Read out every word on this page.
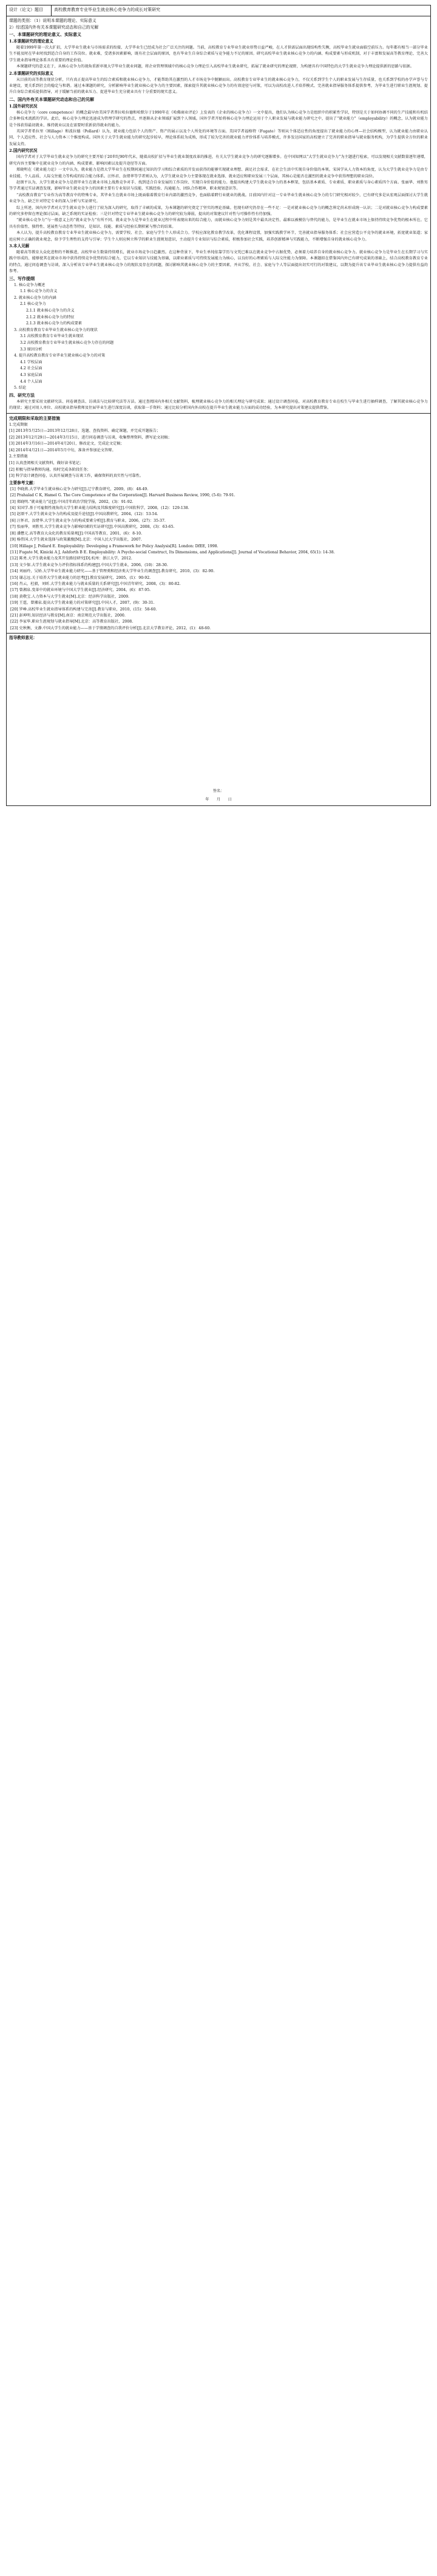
设计（论文）题目	高校教育教育专业毕业生就业核心竞争力的成长对策研究

课题的类别：（1）说明本课题的理论、实际意义
2）综述国内外有关本课题研究动态和自己的见解
一、本课题研究的理论意义、实际意义
1.本课题研究的理论意义

随着1999年第一次大扩招，大学毕业生就业与市场需求的衔接、大学毕业生已经成为社会广泛关注的问题。当前，高校教育专业毕业生就业形势日益严峻，在人才供需层面出现结构性失衡，高校毕业生就业面临空前压力。每年都有相当一部分毕业生不能及时在毕业时找到适合自身的工作岗位。就业难，受诸多因素影响，既有社会层面的原因，也有毕业生自身综合素质与竞争能力不足的原因。研究高校毕业生就业核心竞争力的内涵、构成要素与形成机制，对于丰富和发展高等教育理论、完善大学生就业指导理论体系具有重要的理论价值。

本课题研究的意义在于，从核心竞争力的视角重新审视大学毕业生就业问题，将企业管理领域中的核心竞争力理论引入高校毕业生就业研究，拓展了就业研究的理论视野，为构建具有中国特色的大学生就业竞争力理论提供新的思路与依据。

2.本课题研究的实际意义

从目前的高等教育现状分析，只有真正提高毕业生的综合素质和就业核心竞争力，才能帮助其在激烈的人才市场竞争中脱颖而出。高校教育专业毕业生的就业核心竞争力，不仅关系到学生个人的职业发展与生存质量，也关系到学校的办学声誉与专业建设，更关系到社会的稳定与和谐。通过本课题的研究，分析影响毕业生就业核心竞争力的主要因素，探索提升其就业核心竞争力的有效途径与对策，可以为高校改进人才培养模式、完善就业指导服务体系提供参考，为毕业生进行职业生涯规划、提升自身综合素质提供指导，对于缓解当前的就业压力、促进毕业生充分就业具有十分重要的现实意义。

二、国内外有关本课题研究动态和自己的见解
1.国外研究状况

核心竞争力（core competence）的概念最早由美国学者普拉哈拉德和哈默尔于1990年在《哈佛商业评论》上发表的《企业的核心竞争力》一文中提出，他们认为核心竞争力是组织中的积累性学识，特别是关于如何协调不同的生产技能和有机结合多种技术流派的学识。此后，核心竞争力理论迅速成为管理学研究的热点，并逐渐从企业领域扩展到个人领域。国外学者开始将核心竞争力理论运用于个人职业发展与就业能力研究之中，提出了“就业能力”（employability）的概念，认为就业能力是个体获得最初就业、维持就业以及在需要时重新获得就业的能力。

英国学者希拉里（Hillage）和波拉德（Pollard）认为，就业能力包括个人的资产、资产的展示以及个人所处的环境等方面。美国学者福格特（Fugate）等则从个体适应性的角度提出了就业能力的心理—社会结构模型，认为就业能力由职业认同、个人适应性、社会与人力资本三个维度构成。国外关于大学生就业能力的研究起步较早，理论体系较为成熟，形成了较为完善的就业能力评价体系与培养模式，许多发达国家的高校建立了完善的职业指导与就业服务机构，为学生提供全方位的职业发展支持。

2.国内研究状况

国内学者对于大学毕业生就业竞争力的研究主要开始于20世纪90年代末，随着高校扩招与毕业生就业制度改革的推进，有关大学生就业竞争力的研究逐渐增多。在中国知网以“大学生就业竞争力”为主题进行检索，可以发现相关文献数量逐年递增，研究内容主要集中在就业竞争力的内涵、构成要素、影响因素以及提升途径等方面。

郑晓明在《就业能力论》一文中认为，就业能力是指大学毕业生在校期间通过知识的学习和综合素质的开发而获得的能够实现就业理想、满足社会需求、在社会生活中实现自身价值的本领。宋国学从人力资本的角度，认为大学生就业竞争力是由专业技能、个人品质、人际交往能力等构成的综合能力体系。汪怀君、汝绪华等学者则认为，大学生就业竞争力主要体现在就业选择、就业适应和职业发展三个层面，其核心是能否在激烈的就业竞争中获得理想的职业岗位。

赵颂平认为，大学生就业竞争力是指毕业生在就业市场上战胜竞争对手、找到适合自身发展的工作岗位、实现自身价值的能力。他提出构建大学生就业竞争力的基本框架，包括基本素质、专业素质、职业素质与身心素质四个方面。张丽华、刘胜男等学者通过实证调查发现，影响毕业生就业竞争力的因素主要有专业知识与技能、实践经验、沟通能力、团队合作精神、职业规划意识等。

“高校教育教育”专业作为高等教育中的特殊专业，其毕业生在就业市场上既面临着教育行业内部的激烈竞争，也面临着跨行业就业的挑战。目前国内针对这一专业毕业生就业核心竞争力的专门研究相对较少，已有研究多是从宏观层面探讨大学生就业竞争力，缺乏针对特定专业的深入分析与实证研究。

综上所述，国内外学者对大学生就业竞争力进行了较为深入的研究，取得了丰硕的成果，为本课题的研究奠定了坚实的理论基础。但现有研究仍存在一些不足：一是对就业核心竞争力的概念界定尚未形成统一认识；二是对就业核心竞争力构成要素的研究多停留在理论探讨层面，缺乏系统的实证检验；三是针对特定专业毕业生就业核心竞争力的研究较为薄弱，提出的对策建议针对性与可操作性有待加强。

“就业核心竞争力”与一般意义上的“就业竞争力”有所不同。就业竞争力是毕业生在就业过程中所表现出来的综合能力，而就业核心竞争力则是其中最具决定性、最难以被模仿与替代的能力，是毕业生在就业市场上保持持续竞争优势的根本所在。它具有价值性、独特性、延展性与动态性等特征，是知识、技能、素质与经验长期积累与整合的结果。

本人认为，提升高校教育教育专业毕业生就业核心竞争力，需要学校、社会、家庭与学生个人形成合力。学校应深化教育教学改革，优化课程设置，加强实践教学环节，完善就业指导服务体系；社会应营造公平竞争的就业环境，拓宽就业渠道；家庭应树立正确的就业观念，给予学生理性的支持与引导；学生个人则应树立科学的职业生涯规划意识，主动提升专业知识与综合素质，积极参加社会实践，培养创新精神与实践能力，不断增强自身的就业核心竞争力。

3.本人见解

随着高等教育大众化进程的不断推进，高校毕业生数量持续增长，就业市场竞争日趋激烈。在这种背景下，毕业生单纯依靠学历与文凭已难以在就业竞争中占据优势，必须着力培养自身的就业核心竞争力。就业核心竞争力是毕业生在长期学习与实践中形成的、能够使其在就业市场中获得持续竞争优势的综合能力，它以专业知识与技能为基础，以职业素质与可持续发展能力为核心，以良好的心理素质与人际交往能力为保障。本课题拟在借鉴国内外已有研究成果的基础上，结合高校教育教育专业的特点，通过问卷调查与访谈，深入分析该专业毕业生就业核心竞争力的现状及存在的问题，探讨影响其就业核心竞争力的主要因素，并从学校、社会、家庭与个人等层面提出切实可行的对策建议，以期为提升该专业毕业生就业核心竞争力提供有益的参考。

三、写作提纲
1. 核心竞争力概述
1.1 核心竞争力的含义
2. 就业核心竞争力的内涵
2.1 核心竞争力
2.1.1 就业核心竞争力的含义
2.1.2 就业核心竞争力的特征
2.1.3 就业核心竞争力的构成要素
3. 高校教育教育专业毕业生就业核心竞争力的现状
3.1 高校教育教育专业毕业生就业现状
3.2 高校教育教育专业毕业生就业核心竞争力存在的问题
3.3 原因分析
4. 提升高校教育教育专业毕业生就业核心竞争力的对策
4.1 学校层面
4.2 社会层面
4.3 家庭层面
4.4 个人层面
5. 结论
四、研究方法

本研究主要采用文献研究法、问卷调查法、访谈法与比较研究法等方法。通过查阅国内外相关文献资料，梳理就业核心竞争力的相关理论与研究成果；通过设计调查问卷，对高校教育教育专业在校生与毕业生进行抽样调查，了解其就业核心竞争力的现状；通过对用人单位、高校就业指导教师及往届毕业生进行深度访谈，获取第一手资料；通过比较分析国内外高校在提升毕业生就业能力方面的成功经验，为本研究提出对策建议提供借鉴。

完成期限和采取的主要措施
1.完成期限
[1] 2013年5月25日—2013年12月28日，选题、查找资料、确定课题，并完成开题报告；
[2] 2013年12月29日—2014年3月15日，进行问卷调查与访谈，收集整理资料，撰写论文初稿；
[3] 2014年3月16日—2014年4月20日，修改论文，完成论文定稿；
[4] 2014年4月21日—2014年5月中旬，准备并参加论文答辩。
2.主要措施
[1] 认真查阅相关文献资料，做好读书笔记；
[2] 积极与指导教师沟通，按时完成各阶段任务；
[3] 科学设计调查问卷，认真开展调查与访谈工作，确保资料的真实性与可靠性。
主要参考文献：
[1] 李晓燕.大学毕业生就业核心竞争力研究[J].辽宁教育研究，2009，(8)：48-49.
[2] Prahalad C K, Hamel G. The Core Competence of the Corporation[J]. Harvard Business Review, 1990, (5-6): 79-91.
[3] 郑晓明.“就业能力”论[J].中国青年政治学院学报，2002，(3)：91-92.
[4] 宋国学.基于可雇佣性视角的大学生职业能力结构及其维度研究[J].中国软科学，2008，(12)：129-138.
[5] 赵颂平.大学生就业竞争力的构成及提升途径[J].中国高教研究，2004，(12)：53-54.
[6] 汪怀君，汝绪华.大学生就业竞争力的构成要素分析[J].教育与职业，2006，(27)：35-37.
[7] 张丽华，刘胜男.大学生就业竞争力影响因素的实证研究[J].中国高教研究，2008，(3)：63-65.
[8] 潘懋元.高等教育大众化的教育质量观[J].中国高等教育，2001，(6)：8-10.
[9] 杨伟国.大学生就业选择与政策激励[M].北京：中国人民大学出版社，2007.
[10] Hillage J, Pollard E. Employability: Developing a Framework for Policy Analysis[R]. London: DfEE, 1998.
[11] Fugate M, Kinicki A J, Ashforth B E. Employability: A Psycho-social Construct, Its Dimensions, and Applications[J]. Journal of Vocational Behavior, 2004, 65(1): 14-38.
[12] 陈勇.大学生就业能力及其开发路径研究[D].杭州：浙江大学，2012.
[13] 文少保.大学生就业竞争力评价指标体系的构建[J].中国大学生就业，2006，(10)：28-30.
[14] 刘丽玲，吴娇.大学毕业生就业能力研究——基于管理类和经济类大学毕业生的调查[J].教育研究，2010，(3)：82-90.
[15] 谢志远.关于培养大学生就业能力的思考[J].教育发展研究，2005，(1)：90-92.
[16] 肖云，杜毅，刘昕.大学生就业能力与就业质量的关系研究[J].中国青年研究，2008，(3)：80-82.
[17] 曾湘泉.变革中的就业环境与中国大学生就业[J].经济研究，2004，(6)：87-95.
[18] 黄敬宝.人力资本与大学生就业[M].北京：经济科学出版社，2009.
[19] 王霆，曾湘泉.提高大学生就业能力的对策研究[J].中国人才，2007，(9)：30-31.
[20] 罗峥.高校毕业生就业指导体系的构建与完善[J].教育与职业，2010，(15)：58-60.
[21] 彭坤明.知识经济与教育[M].南京：南京师范大学出版社，2000.
[22] 李家华.职业生涯规划与就业指导[M].北京：高等教育出版社，2008.
[23] 史秋衡，文静.中国大学生的就业能力——基于学情调查的自我评价分析[J].北京大学教育评论，2012，(1)：48-60.

指导教师意见：
签名：
年　　月　　日
